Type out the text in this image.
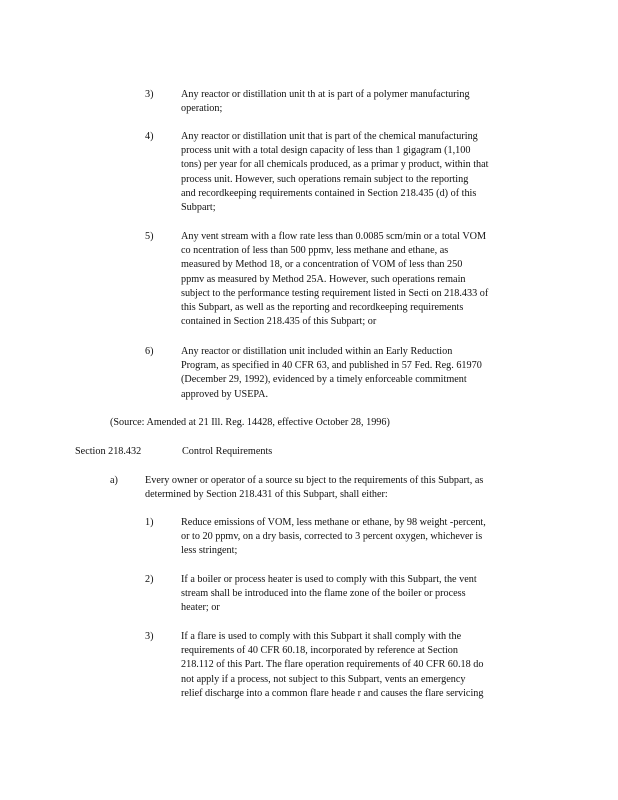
3)	Any reactor or distillation unit th at is part of a polymer manufacturing
operation;
4)	Any reactor or distillation unit that is part of the chemical manufacturing
process unit with a total design capacity of less than 1 gigagram (1,100
tons) per year for all chemicals produced, as a primar y product, within that
process unit. However, such operations remain subject to the reporting
and recordkeeping requirements contained in Section 218.435 (d) of this
Subpart;
5)	Any vent stream with a flow rate less than 0.0085 scm/min or a total VOM
co ncentration of less than 500 ppmv, less methane and ethane, as
measured by Method 18, or a concentration of VOM of less than 250
ppmv as measured by Method 25A. However, such operations remain
subject to the performance testing requirement listed in Secti on 218.433 of
this Subpart, as well as the reporting and recordkeeping requirements
contained in Section 218.435 of this Subpart; or
6)	Any reactor or distillation unit included within an Early Reduction
Program, as specified in 40 CFR 63, and published in 57 Fed. Reg. 61970
(December 29, 1992), evidenced by a timely enforceable commitment
approved by USEPA.
(Source: Amended at 21 Ill. Reg. 14428, effective October 28, 1996)
Section 218.432	Control Requirements
a)	Every owner or operator of a source su bject to the requirements of this Subpart, as
determined by Section 218.431 of this Subpart, shall either:
1)	Reduce emissions of VOM, less methane or ethane, by 98 weight -percent,
or to 20 ppmv, on a dry basis, corrected to 3 percent oxygen, whichever is
less stringent;
2)	If a boiler or process heater is used to comply with this Subpart, the vent
stream shall be introduced into the flame zone of the boiler or process
heater; or
3)	If a flare is used to comply with this Subpart it shall comply with the
requirements of 40 CFR 60.18, incorporated by reference at Section
218.112 of this Part. The flare operation requirements of 40 CFR 60.18 do
not apply if a process, not subject to this Subpart, vents an emergency
relief discharge into a common flare heade r and causes the flare servicing
